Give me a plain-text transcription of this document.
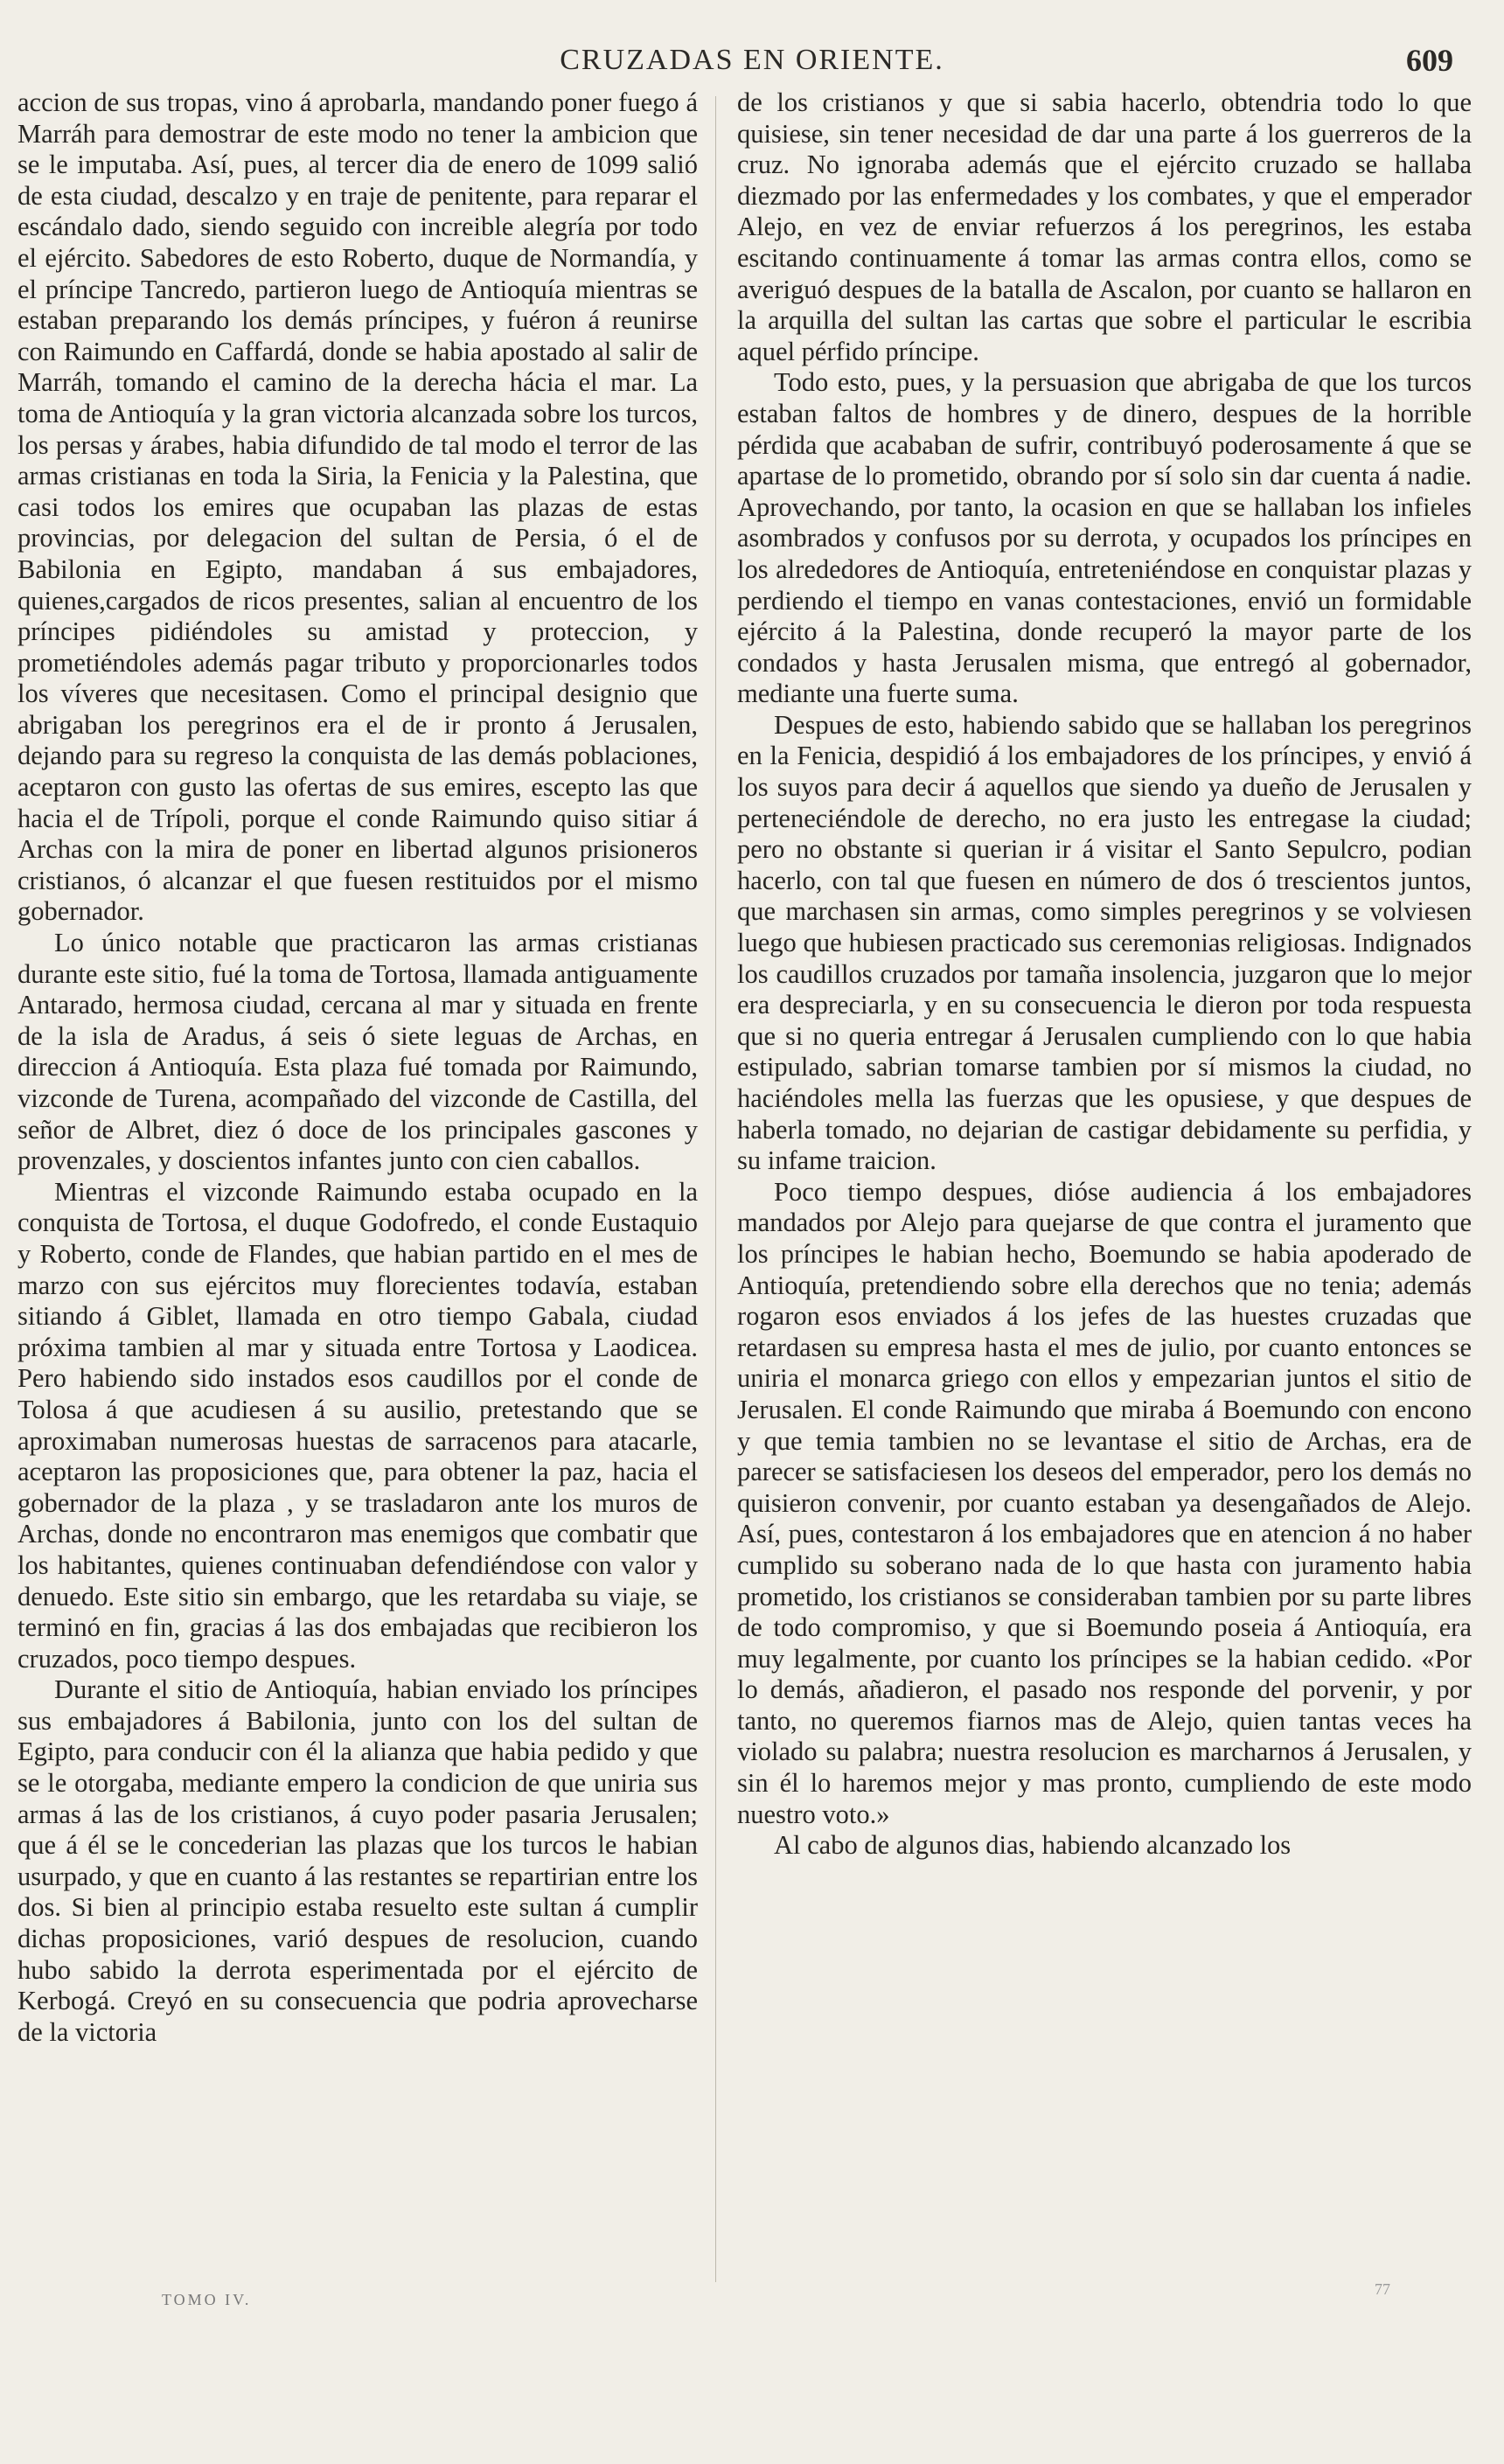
CRUZADAS EN ORIENTE.	609

accion de sus tropas, vino á aprobarla, mandando poner fuego á Marráh para demostrar de este modo no tener la ambicion que se le imputaba. Así, pues, al tercer dia de enero de 1099 salió de esta ciudad, descalzo y en traje de penitente, para reparar el escándalo dado, siendo seguido con increible alegría por todo el ejército. Sabedores de esto Roberto, duque de Normandía, y el príncipe Tancredo, partieron luego de Antioquía mientras se estaban preparando los demás príncipes, y fuéron á reunirse con Raimundo en Caffardá, donde se habia apostado al salir de Marráh, tomando el camino de la derecha hácia el mar. La toma de Antioquía y la gran victoria alcanzada sobre los turcos, los persas y árabes, habia difundido de tal modo el terror de las armas cristianas en toda la Siria, la Fenicia y la Palestina, que casi todos los emires que ocupaban las plazas de estas provincias, por delegacion del sultan de Persia, ó el de Babilonia en Egipto, mandaban á sus embajadores, quienes,cargados de ricos presentes, salian al encuentro de los príncipes pidiéndoles su amistad y proteccion, y prometiéndoles además pagar tributo y proporcionarles todos los víveres que necesitasen. Como el principal designio que abrigaban los peregrinos era el de ir pronto á Jerusalen, dejando para su regreso la conquista de las demás poblaciones, aceptaron con gusto las ofertas de sus emires, escepto las que hacia el de Trípoli, porque el conde Raimundo quiso sitiar á Archas con la mira de poner en libertad algunos prisioneros cristianos, ó alcanzar el que fuesen restituidos por el mismo gobernador.

Lo único notable que practicaron las armas cristianas durante este sitio, fué la toma de Tortosa, llamada antiguamente Antarado, hermosa ciudad, cercana al mar y situada en frente de la isla de Aradus, á seis ó siete leguas de Archas, en direccion á Antioquía. Esta plaza fué tomada por Raimundo, vizconde de Turena, acompañado del vizconde de Castilla, del señor de Albret, diez ó doce de los principales gascones y provenzales, y doscientos infantes junto con cien caballos.

Mientras el vizconde Raimundo estaba ocupado en la conquista de Tortosa, el duque Godofredo, el conde Eustaquio y Roberto, conde de Flandes, que habian partido en el mes de marzo con sus ejércitos muy florecientes todavía, estaban sitiando á Giblet, llamada en otro tiempo Gabala, ciudad próxima tambien al mar y situada entre Tortosa y Laodicea. Pero habiendo sido instados esos caudillos por el conde de Tolosa á que acudiesen á su ausilio, pretestando que se aproximaban numerosas huestas de sarracenos para atacarle, aceptaron las proposiciones que, para obtener la paz, hacia el gobernador de la plaza , y se trasladaron ante los muros de Archas, donde no encontraron mas enemigos que combatir que los habitantes, quienes continuaban defendiéndose con valor y denuedo. Este sitio sin embargo, que les retardaba su viaje, se terminó en fin, gracias á las dos embajadas que recibieron los cruzados, poco tiempo despues.

Durante el sitio de Antioquía, habian enviado los príncipes sus embajadores á Babilonia, junto con los del sultan de Egipto, para conducir con él la alianza que habia pedido y que se le otorgaba, mediante empero la condicion de que uniria sus armas á las de los cristianos, á cuyo poder pasaria Jerusalen; que á él se le concederian las plazas que los turcos le habian usurpado, y que en cuanto á las restantes se repartirian entre los dos. Si bien al principio estaba resuelto este sultan á cumplir dichas proposiciones, varió despues de resolucion, cuando hubo sabido la derrota esperimentada por el ejército de Kerbogá. Creyó en su consecuencia que podria aprovecharse de la victoria

de los cristianos y que si sabia hacerlo, obtendria todo lo que quisiese, sin tener necesidad de dar una parte á los guerreros de la cruz. No ignoraba además que el ejército cruzado se hallaba diezmado por las enfermedades y los combates, y que el emperador Alejo, en vez de enviar refuerzos á los peregrinos, les estaba escitando continuamente á tomar las armas contra ellos, como se averiguó despues de la batalla de Ascalon, por cuanto se hallaron en la arquilla del sultan las cartas que sobre el particular le escribia aquel pérfido príncipe.

Todo esto, pues, y la persuasion que abrigaba de que los turcos estaban faltos de hombres y de dinero, despues de la horrible pérdida que acababan de sufrir, contribuyó poderosamente á que se apartase de lo prometido, obrando por sí solo sin dar cuenta á nadie. Aprovechando, por tanto, la ocasion en que se hallaban los infieles asombrados y confusos por su derrota, y ocupados los príncipes en los alrededores de Antioquía, entreteniéndose en conquistar plazas y perdiendo el tiempo en vanas contestaciones, envió un formidable ejército á la Palestina, donde recuperó la mayor parte de los condados y hasta Jerusalen misma, que entregó al gobernador, mediante una fuerte suma.

Despues de esto, habiendo sabido que se hallaban los peregrinos en la Fenicia, despidió á los embajadores de los príncipes, y envió á los suyos para decir á aquellos que siendo ya dueño de Jerusalen y perteneciéndole de derecho, no era justo les entregase la ciudad; pero no obstante si querian ir á visitar el Santo Sepulcro, podian hacerlo, con tal que fuesen en número de dos ó trescientos juntos, que marchasen sin armas, como simples peregrinos y se volviesen luego que hubiesen practicado sus ceremonias religiosas. Indignados los caudillos cruzados por tamaña insolencia, juzgaron que lo mejor era despreciarla, y en su consecuencia le dieron por toda respuesta que si no queria entregar á Jerusalen cumpliendo con lo que habia estipulado, sabrian tomarse tambien por sí mismos la ciudad, no haciéndoles mella las fuerzas que les opusiese, y que despues de haberla tomado, no dejarian de castigar debidamente su perfidia, y su infame traicion.

Poco tiempo despues, dióse audiencia á los embajadores mandados por Alejo para quejarse de que contra el juramento que los príncipes le habian hecho, Boemundo se habia apoderado de Antioquía, pretendiendo sobre ella derechos que no tenia; además rogaron esos enviados á los jefes de las huestes cruzadas que retardasen su empresa hasta el mes de julio, por cuanto entonces se uniria el monarca griego con ellos y empezarian juntos el sitio de Jerusalen. El conde Raimundo que miraba á Boemundo con encono y que temia tambien no se levantase el sitio de Archas, era de parecer se satisfaciesen los deseos del emperador, pero los demás no quisieron convenir, por cuanto estaban ya desengañados de Alejo. Así, pues, contestaron á los embajadores que en atencion á no haber cumplido su soberano nada de lo que hasta con juramento habia prometido, los cristianos se consideraban tambien por su parte libres de todo compromiso, y que si Boemundo poseia á Antioquía, era muy legalmente, por cuanto los príncipes se la habian cedido. «Por lo demás, añadieron, el pasado nos responde del porvenir, y por tanto, no queremos fiarnos mas de Alejo, quien tantas veces ha violado su palabra; nuestra resolucion es marcharnos á Jerusalen, y sin él lo haremos mejor y mas pronto, cumpliendo de este modo nuestro voto.»

Al cabo de algunos dias, habiendo alcanzado los

TOMO IV.
77
